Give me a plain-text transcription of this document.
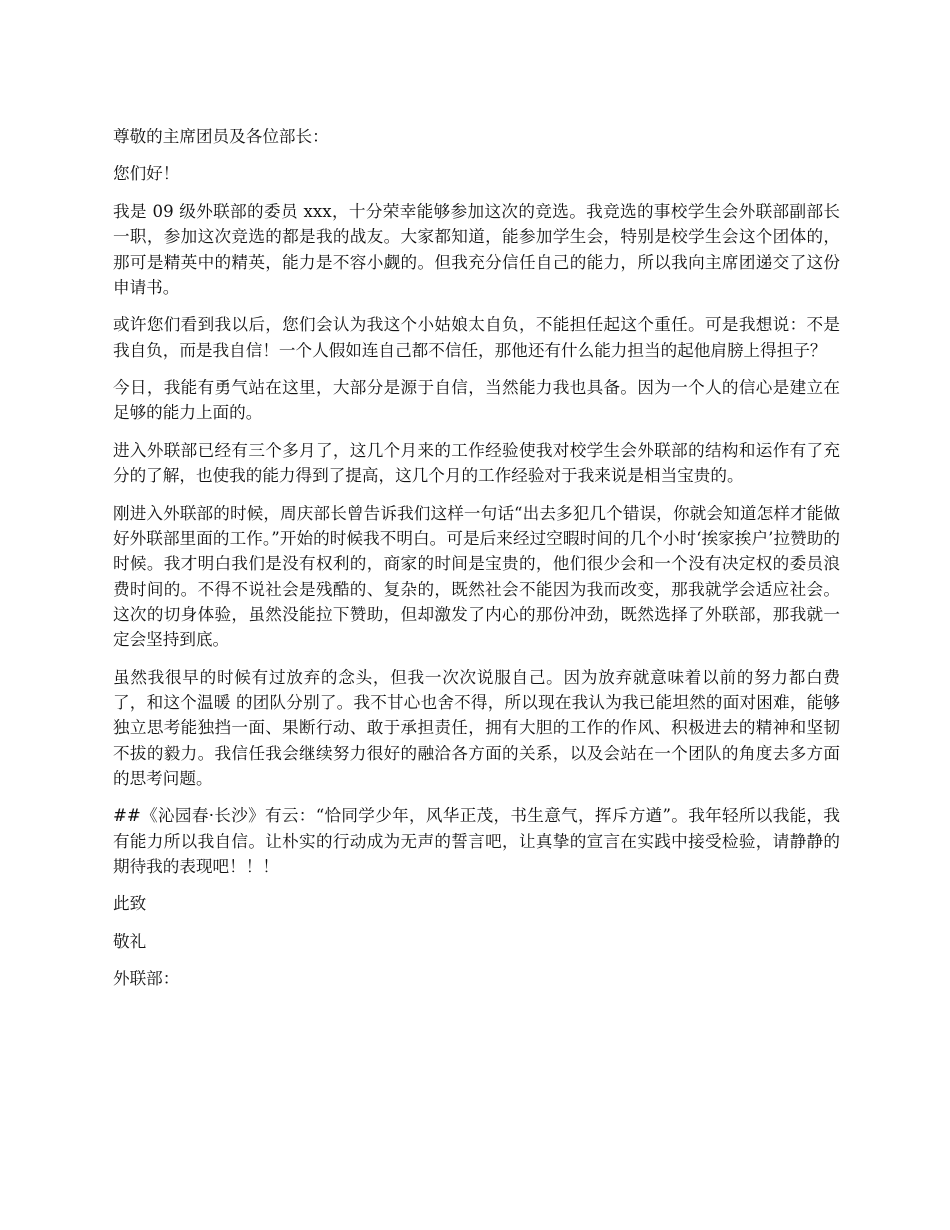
尊敬的主席团员及各位部长：

您们好！

我是 09 级外联部的委员 xxx，十分荣幸能够参加这次的竞选。我竞选的事校学生会外联部副部长一职，参加这次竞选的都是我的战友。大家都知道，能参加学生会，特别是校学生会这个团体的，那可是精英中的精英，能力是不容小觑的。但我充分信任自己的能力，所以我向主席团递交了这份申请书。

或许您们看到我以后，您们会认为我这个小姑娘太自负，不能担任起这个重任。可是我想说：不是我自负，而是我自信！一个人假如连自己都不信任，那他还有什么能力担当的起他肩膀上得担子？

今日，我能有勇气站在这里，大部分是源于自信，当然能力我也具备。因为一个人的信心是建立在足够的能力上面的。

进入外联部已经有三个多月了，这几个月来的工作经验使我对校学生会外联部的结构和运作有了充分的了解，也使我的能力得到了提高，这几个月的工作经验对于我来说是相当宝贵的。

刚进入外联部的时候，周庆部长曾告诉我们这样一句话“出去多犯几个错误，你就会知道怎样才能做好外联部里面的工作。”开始的时候我不明白。可是后来经过空暇时间的几个小时‘挨家挨户’拉赞助的时候。我才明白我们是没有权利的，商家的时间是宝贵的，他们很少会和一个没有决定权的委员浪费时间的。不得不说社会是残酷的、复杂的，既然社会不能因为我而改变，那我就学会适应社会。这次的切身体验，虽然没能拉下赞助，但却激发了内心的那份冲劲，既然选择了外联部，那我就一定会坚持到底。

虽然我很早的时候有过放弃的念头，但我一次次说服自己。因为放弃就意味着以前的努力都白费了，和这个温暖 的团队分别了。我不甘心也舍不得，所以现在我认为我已能坦然的面对困难，能够独立思考能独挡一面、果断行动、敢于承担责任，拥有大胆的工作的作风、积极进去的精神和坚韧不拔的毅力。我信任我会继续努力很好的融洽各方面的关系，以及会站在一个团队的角度去多方面的思考问题。

##《沁园春·长沙》有云：“恰同学少年，风华正茂，书生意气，挥斥方遒”。我年轻所以我能，我有能力所以我自信。让朴实的行动成为无声的誓言吧，让真挚的宣言在实践中接受检验，请静静的期待我的表现吧！！！

此致

敬礼

外联部：
